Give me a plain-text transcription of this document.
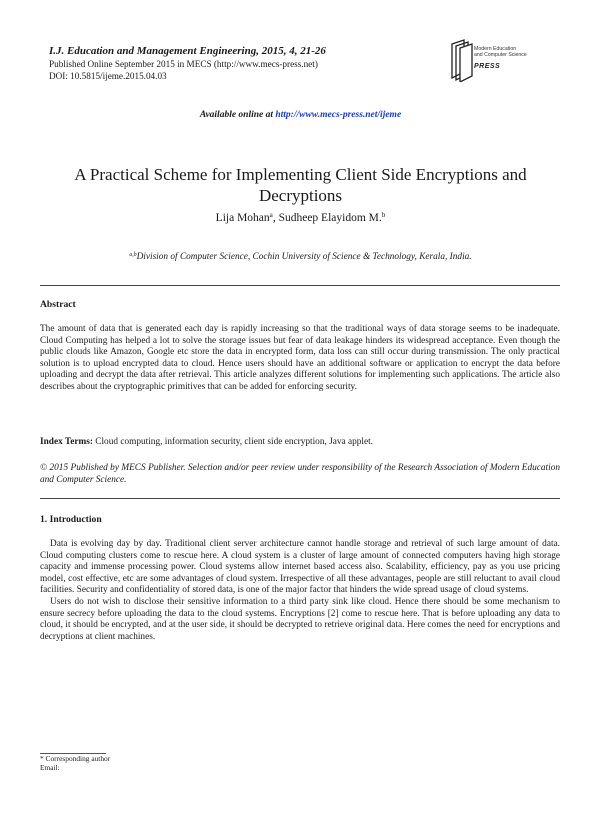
I.J. Education and Management Engineering, 2015, 4, 21-26
Published Online September 2015 in MECS (http://www.mecs-press.net)
DOI: 10.5815/ijeme.2015.04.03
Modern Education
and Computer Science
PRESS
Available online at http://www.mecs-press.net/ijeme
A Practical Scheme for Implementing Client Side Encryptions and Decryptions
Lija Mohan$^a$, Sudheep Elayidom M.$^b$
$^{a,b}$Division of Computer Science, Cochin University of Science & Technology, Kerala, India.
Abstract
The amount of data that is generated each day is rapidly increasing so that the traditional ways of data storage seems to be inadequate. Cloud Computing has helped a lot to solve the storage issues but fear of data leakage hinders its widespread acceptance. Even though the public clouds like Amazon, Google etc store the data in encrypted form, data loss can still occur during transmission. The only practical solution is to upload encrypted data to cloud. Hence users should have an additional software or application to encrypt the data before uploading and decrypt the data after retrieval. This article analyzes different solutions for implementing such applications. The article also describes about the cryptographic primitives that can be added for enforcing security.
Index Terms: Cloud computing, information security, client side encryption, Java applet.
© 2015 Published by MECS Publisher. Selection and/or peer review under responsibility of the Research Association of Modern Education and Computer Science.
1. Introduction

Data is evolving day by day. Traditional client server architecture cannot handle storage and retrieval of such large amount of data. Cloud computing clusters come to rescue here. A cloud system is a cluster of large amount of connected computers having high storage capacity and immense processing power. Cloud systems allow internet based access also. Scalability, efficiency, pay as you use pricing model, cost effective, etc are some advantages of cloud system. Irrespective of all these advantages, people are still reluctant to avail cloud facilities. Security and confidentiality of stored data, is one of the major factor that hinders the wide spread usage of cloud systems.

Users do not wish to disclose their sensitive information to a third party sink like cloud. Hence there should be some mechanism to ensure secrecy before uploading the data to the cloud systems. Encryptions [2] come to rescue here. That is before uploading any data to cloud, it should be encrypted, and at the user side, it should be decrypted to retrieve original data. Here comes the need for encryptions and decryptions at client machines.

* Corresponding author
Email:
